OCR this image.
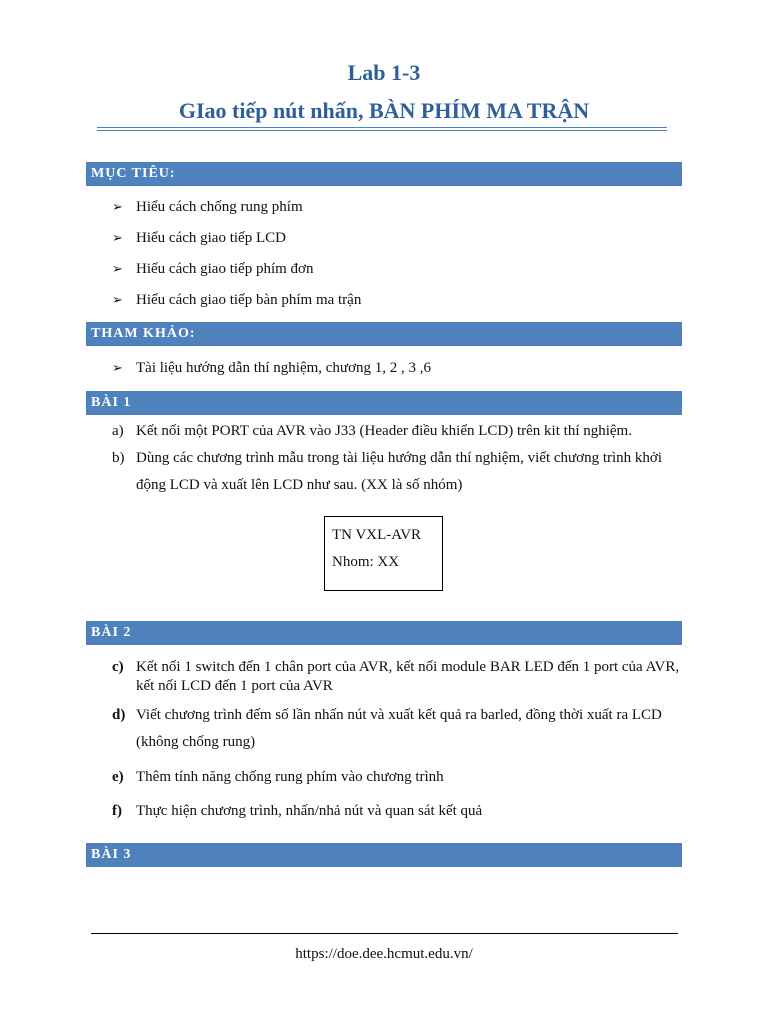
Lab 1-3
GIao tiếp nút nhấn, BÀN PHÍM MA TRẬN
MỤC TIÊU:
➢ Hiểu cách chống rung phím
➢ Hiểu cách giao tiếp LCD
➢ Hiểu cách giao tiếp phím đơn
➢ Hiểu cách giao tiếp bàn phím ma trận
THAM KHẢO:
➢ Tài liệu hướng dẫn thí nghiệm, chương 1, 2 , 3 ,6
BÀI 1
a) Kết nối một PORT của AVR vào J33 (Header điều khiển LCD) trên kit thí nghiệm.
b) Dùng các chương trình mẫu trong tài liệu hướng dẫn thí nghiệm, viết chương trình khởi động LCD và xuất lên LCD như sau. (XX là số nhóm)
TN VXL-AVR
Nhom: XX
BÀI 2
c) Kết nối 1 switch đến 1 chân port của AVR, kết nối module BAR LED đến 1 port của AVR, kết nối LCD đến 1 port của AVR
d) Viết chương trình đếm số lần nhấn nút và xuất kết quả ra barled, đồng thời xuất ra LCD (không chống rung)
e) Thêm tính năng chống rung phím vào chương trình
f) Thực hiện chương trình, nhấn/nhả nút và quan sát kết quả
BÀI 3
https://doe.dee.hcmut.edu.vn/
